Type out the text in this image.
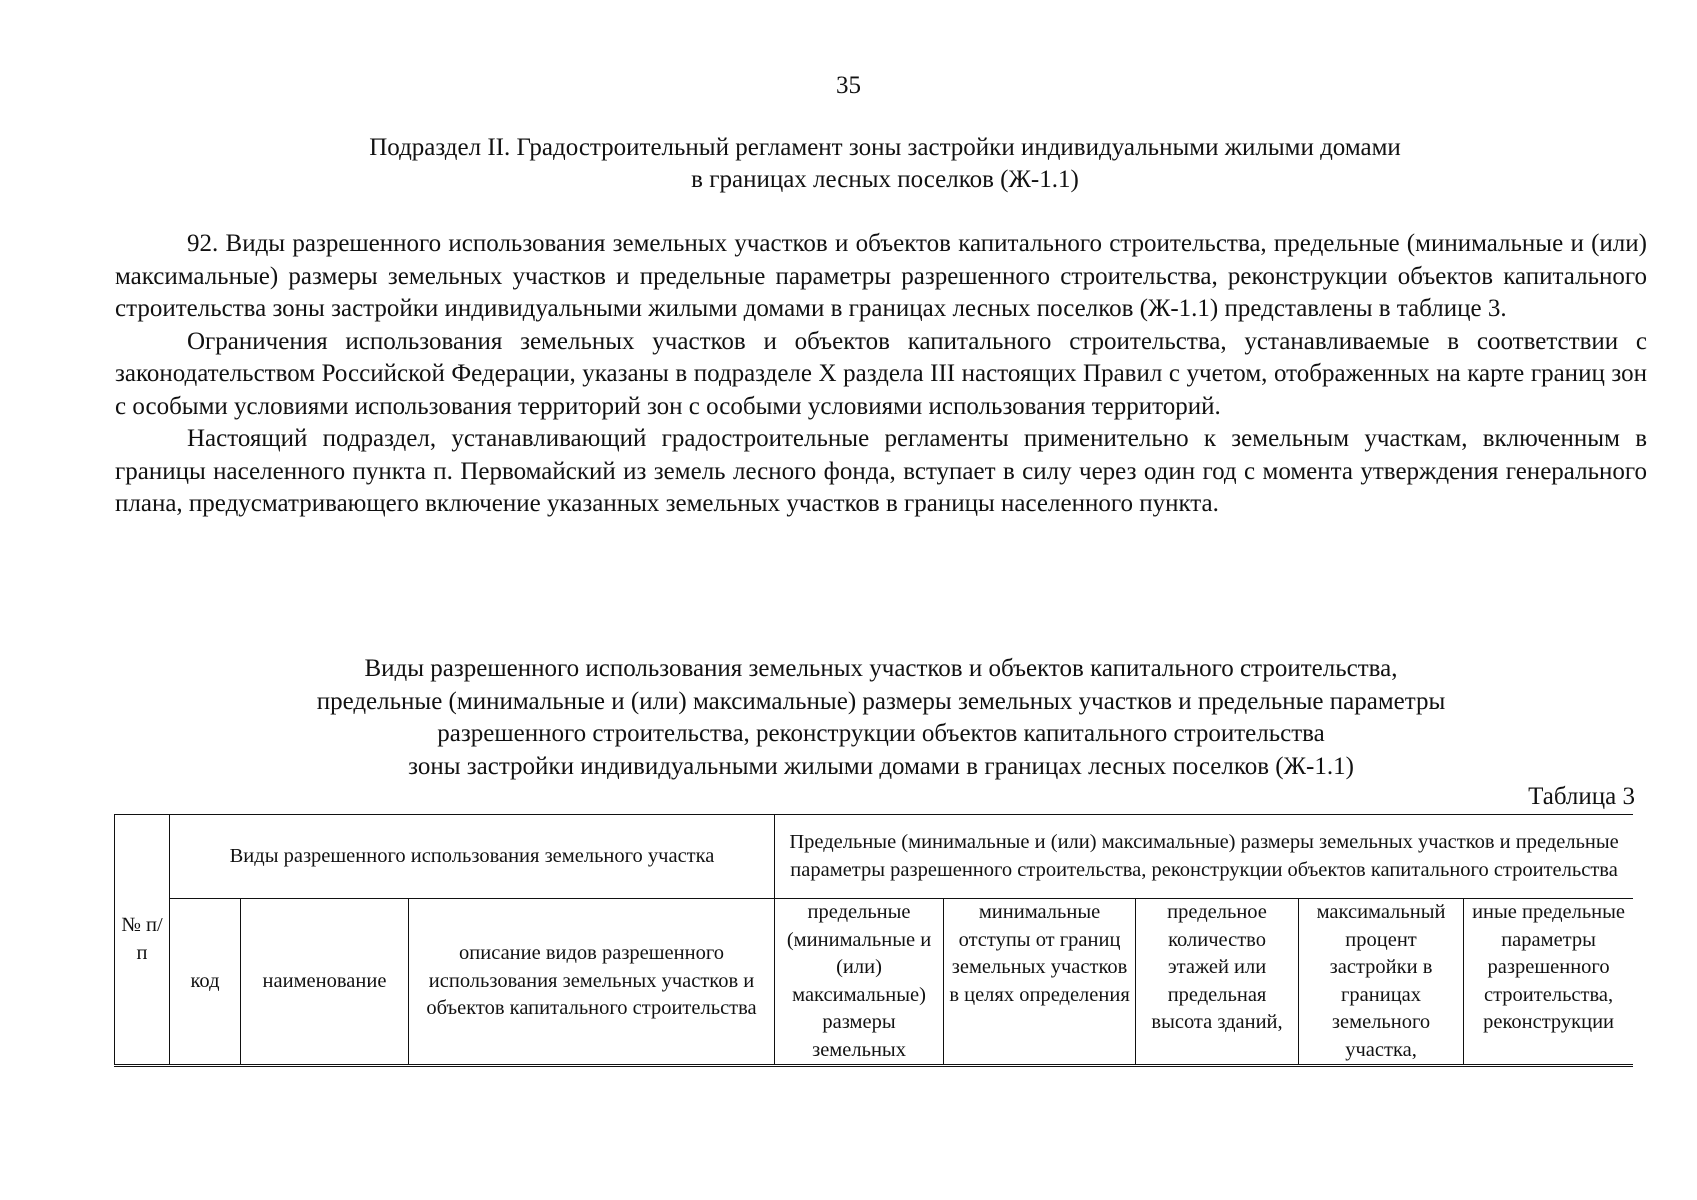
35
Подраздел II. Градостроительный регламент зоны застройки индивидуальными жилыми домами
в границах лесных поселков (Ж-1.1)

92. Виды разрешенного использования земельных участков и объектов капитального строительства, предельные (минимальные и (или) максимальные) размеры земельных участков и предельные параметры разрешенного строительства, реконструкции объектов капитального строительства зоны застройки индивидуальными жилыми домами в границах лесных поселков (Ж-1.1) представлены в таблице 3.

Ограничения использования земельных участков и объектов капитального строительства, устанавливаемые в соответствии с законодательством Российской Федерации, указаны в подразделе X раздела III настоящих Правил с учетом, отображенных на карте границ зон с особыми условиями использования территорий зон с особыми условиями использования территорий.

Настоящий подраздел, устанавливающий градостроительные регламенты применительно к земельным участкам, включенным в границы населенного пункта п. Первомайский из земель лесного фонда, вступает в силу через один год с момента утверждения генерального плана, предусматривающего включение указанных земельных участков в границы населенного пункта.

Виды разрешенного использования земельных участков и объектов капитального строительства,
предельные (минимальные и (или) максимальные) размеры земельных участков и предельные параметры
разрешенного строительства, реконструкции объектов капитального строительства
зоны застройки индивидуальными жилыми домами в границах лесных поселков (Ж-1.1)
Таблица 3
№ п/п	Виды разрешенного использования земельного участка			Предельные (минимальные и (или) максимальные) размеры земельных участков и предельные параметры разрешенного строительства, реконструкции объектов капитального строительства				
	код	наименование	описание видов разрешенного использования земельных участков и объектов капитального строительства	предельные (минимальные и (или) максимальные) размеры земельных	минимальные отступы от границ земельных участков в целях определения	предельное количество этажей или предельная высота зданий,	максимальный процент застройки в границах земельного участка,	иные предельные параметры разрешенного строительства, реконструкции
